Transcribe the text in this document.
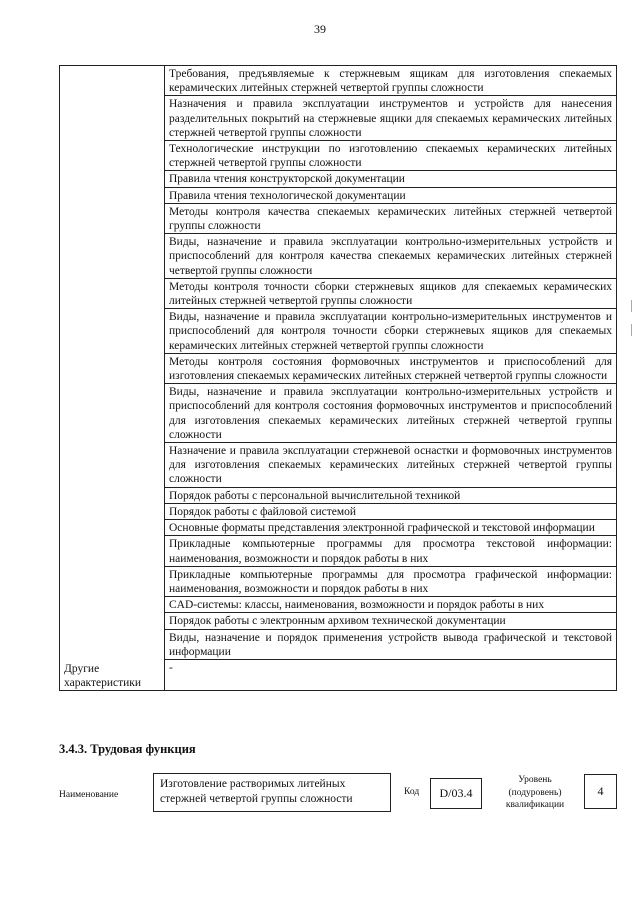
39
	Требования, предъявляемые к стержневым ящикам для изготовления спекаемых керамических литейных стержней четвертой группы сложности
	Назначения и правила эксплуатации инструментов и устройств для нанесения разделительных покрытий на стержневые ящики для спекаемых керамических литейных стержней четвертой группы сложности
	Технологические инструкции по изготовлению спекаемых керамических литейных стержней четвертой группы сложности
	Правила чтения конструкторской документации
	Правила чтения технологической документации
	Методы контроля качества спекаемых керамических литейных стержней четвертой группы сложности
	Виды, назначение и правила эксплуатации контрольно-измерительных устройств и приспособлений для контроля качества спекаемых керамических литейных стержней четвертой группы сложности
	Методы контроля точности сборки стержневых ящиков для спекаемых керамических литейных стержней четвертой группы сложности
	Виды, назначение и правила эксплуатации контрольно-измерительных инструментов и приспособлений для контроля точности сборки стержневых ящиков для спекаемых керамических литейных стержней четвертой группы сложности
	Методы контроля состояния формовочных инструментов и приспособлений для изготовления спекаемых керамических литейных стержней четвертой группы сложности
	Виды, назначение и правила эксплуатации контрольно-измерительных устройств и приспособлений для контроля состояния формовочных инструментов и приспособлений для изготовления спекаемых керамических литейных стержней четвертой группы сложности
	Назначение и правила эксплуатации стержневой оснастки и формовочных инструментов для изготовления спекаемых керамических литейных стержней четвертой группы сложности
	Порядок работы с персональной вычислительной техникой
	Порядок работы с файловой системой
	Основные форматы представления электронной графической и текстовой информации
	Прикладные компьютерные программы для просмотра текстовой информации: наименования, возможности и порядок работы в них
	Прикладные компьютерные программы для просмотра графической информации: наименования, возможности и порядок работы в них
	CAD-системы: классы, наименования, возможности и порядок работы в них
	Порядок работы с электронным архивом технической документации
	Виды, назначение и порядок применения устройств вывода графической и текстовой информации
Другие характеристики	-
3.4.3. Трудовая функция
Наименование
Изготовление растворимых литейных стержней четвертой группы сложности
Код	D/03.4
Уровень (подуровень) квалификации
4
